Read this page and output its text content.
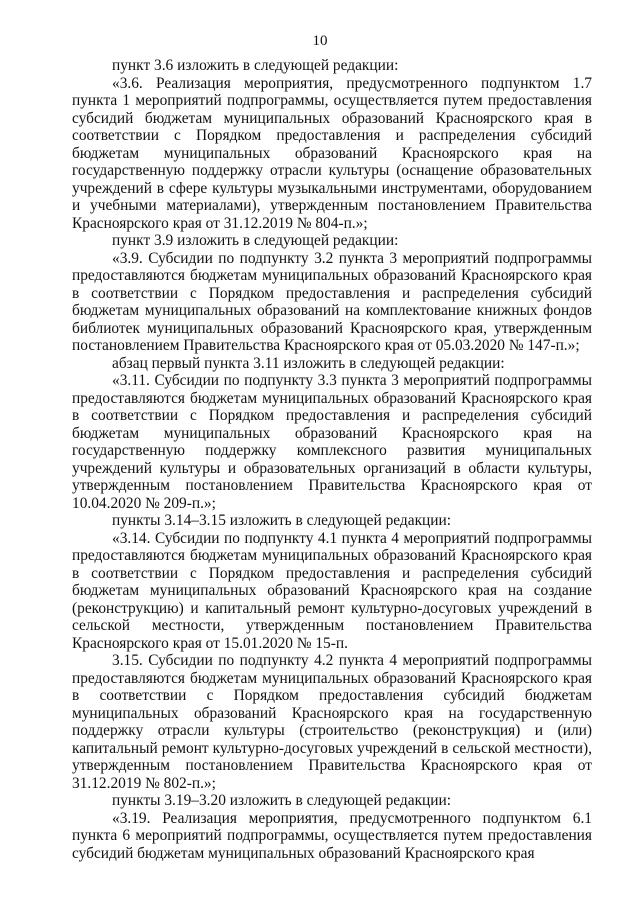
10

пункт 3.6 изложить в следующей редакции:

«3.6. Реализация мероприятия, предусмотренного подпунктом 1.7 пункта 1 мероприятий подпрограммы, осуществляется путем предоставления субсидий бюджетам муниципальных образований Красноярского края в соответствии с Порядком предоставления и распределения субсидий бюджетам муниципальных образований Красноярского края на государственную поддержку отрасли культуры (оснащение образовательных учреждений в сфере культуры музыкальными инструментами, оборудованием и учебными материалами), утвержденным постановлением Правительства Красноярского края от 31.12.2019 № 804-п.»;

пункт 3.9 изложить в следующей редакции:

«3.9. Субсидии по подпункту 3.2 пункта 3 мероприятий подпрограммы предоставляются бюджетам муниципальных образований Красноярского края в соответствии с Порядком предоставления и распределения субсидий бюджетам муниципальных образований на комплектование книжных фондов библиотек муниципальных образований Красноярского края, утвержденным постановлением Правительства Красноярского края от 05.03.2020 № 147-п.»;

абзац первый пункта 3.11 изложить в следующей редакции:

«3.11. Субсидии по подпункту 3.3 пункта 3 мероприятий подпрограммы предоставляются бюджетам муниципальных образований Красноярского края в соответствии с Порядком предоставления и распределения субсидий бюджетам муниципальных образований Красноярского края на государственную поддержку комплексного развития муниципальных учреждений культуры и образовательных организаций в области культуры, утвержденным постановлением Правительства Красноярского края от 10.04.2020 № 209-п.»;

пункты 3.14–3.15 изложить в следующей редакции:

«3.14. Субсидии по подпункту 4.1 пункта 4 мероприятий подпрограммы предоставляются бюджетам муниципальных образований Красноярского края в соответствии с Порядком предоставления и распределения субсидий бюджетам муниципальных образований Красноярского края на создание (реконструкцию) и капитальный ремонт культурно-досуговых учреждений в сельской местности, утвержденным постановлением Правительства Красноярского края от 15.01.2020 № 15-п.

3.15. Субсидии по подпункту 4.2 пункта 4 мероприятий подпрограммы предоставляются бюджетам муниципальных образований Красноярского края в соответствии с Порядком предоставления субсидий бюджетам муниципальных образований Красноярского края на государственную поддержку отрасли культуры (строительство (реконструкция) и (или) капитальный ремонт культурно-досуговых учреждений в сельской местности), утвержденным постановлением Правительства Красноярского края от 31.12.2019 № 802-п.»;

пункты 3.19–3.20 изложить в следующей редакции:

«3.19. Реализация мероприятия, предусмотренного подпунктом 6.1 пункта 6 мероприятий подпрограммы, осуществляется путем предоставления субсидий бюджетам муниципальных образований Красноярского края
